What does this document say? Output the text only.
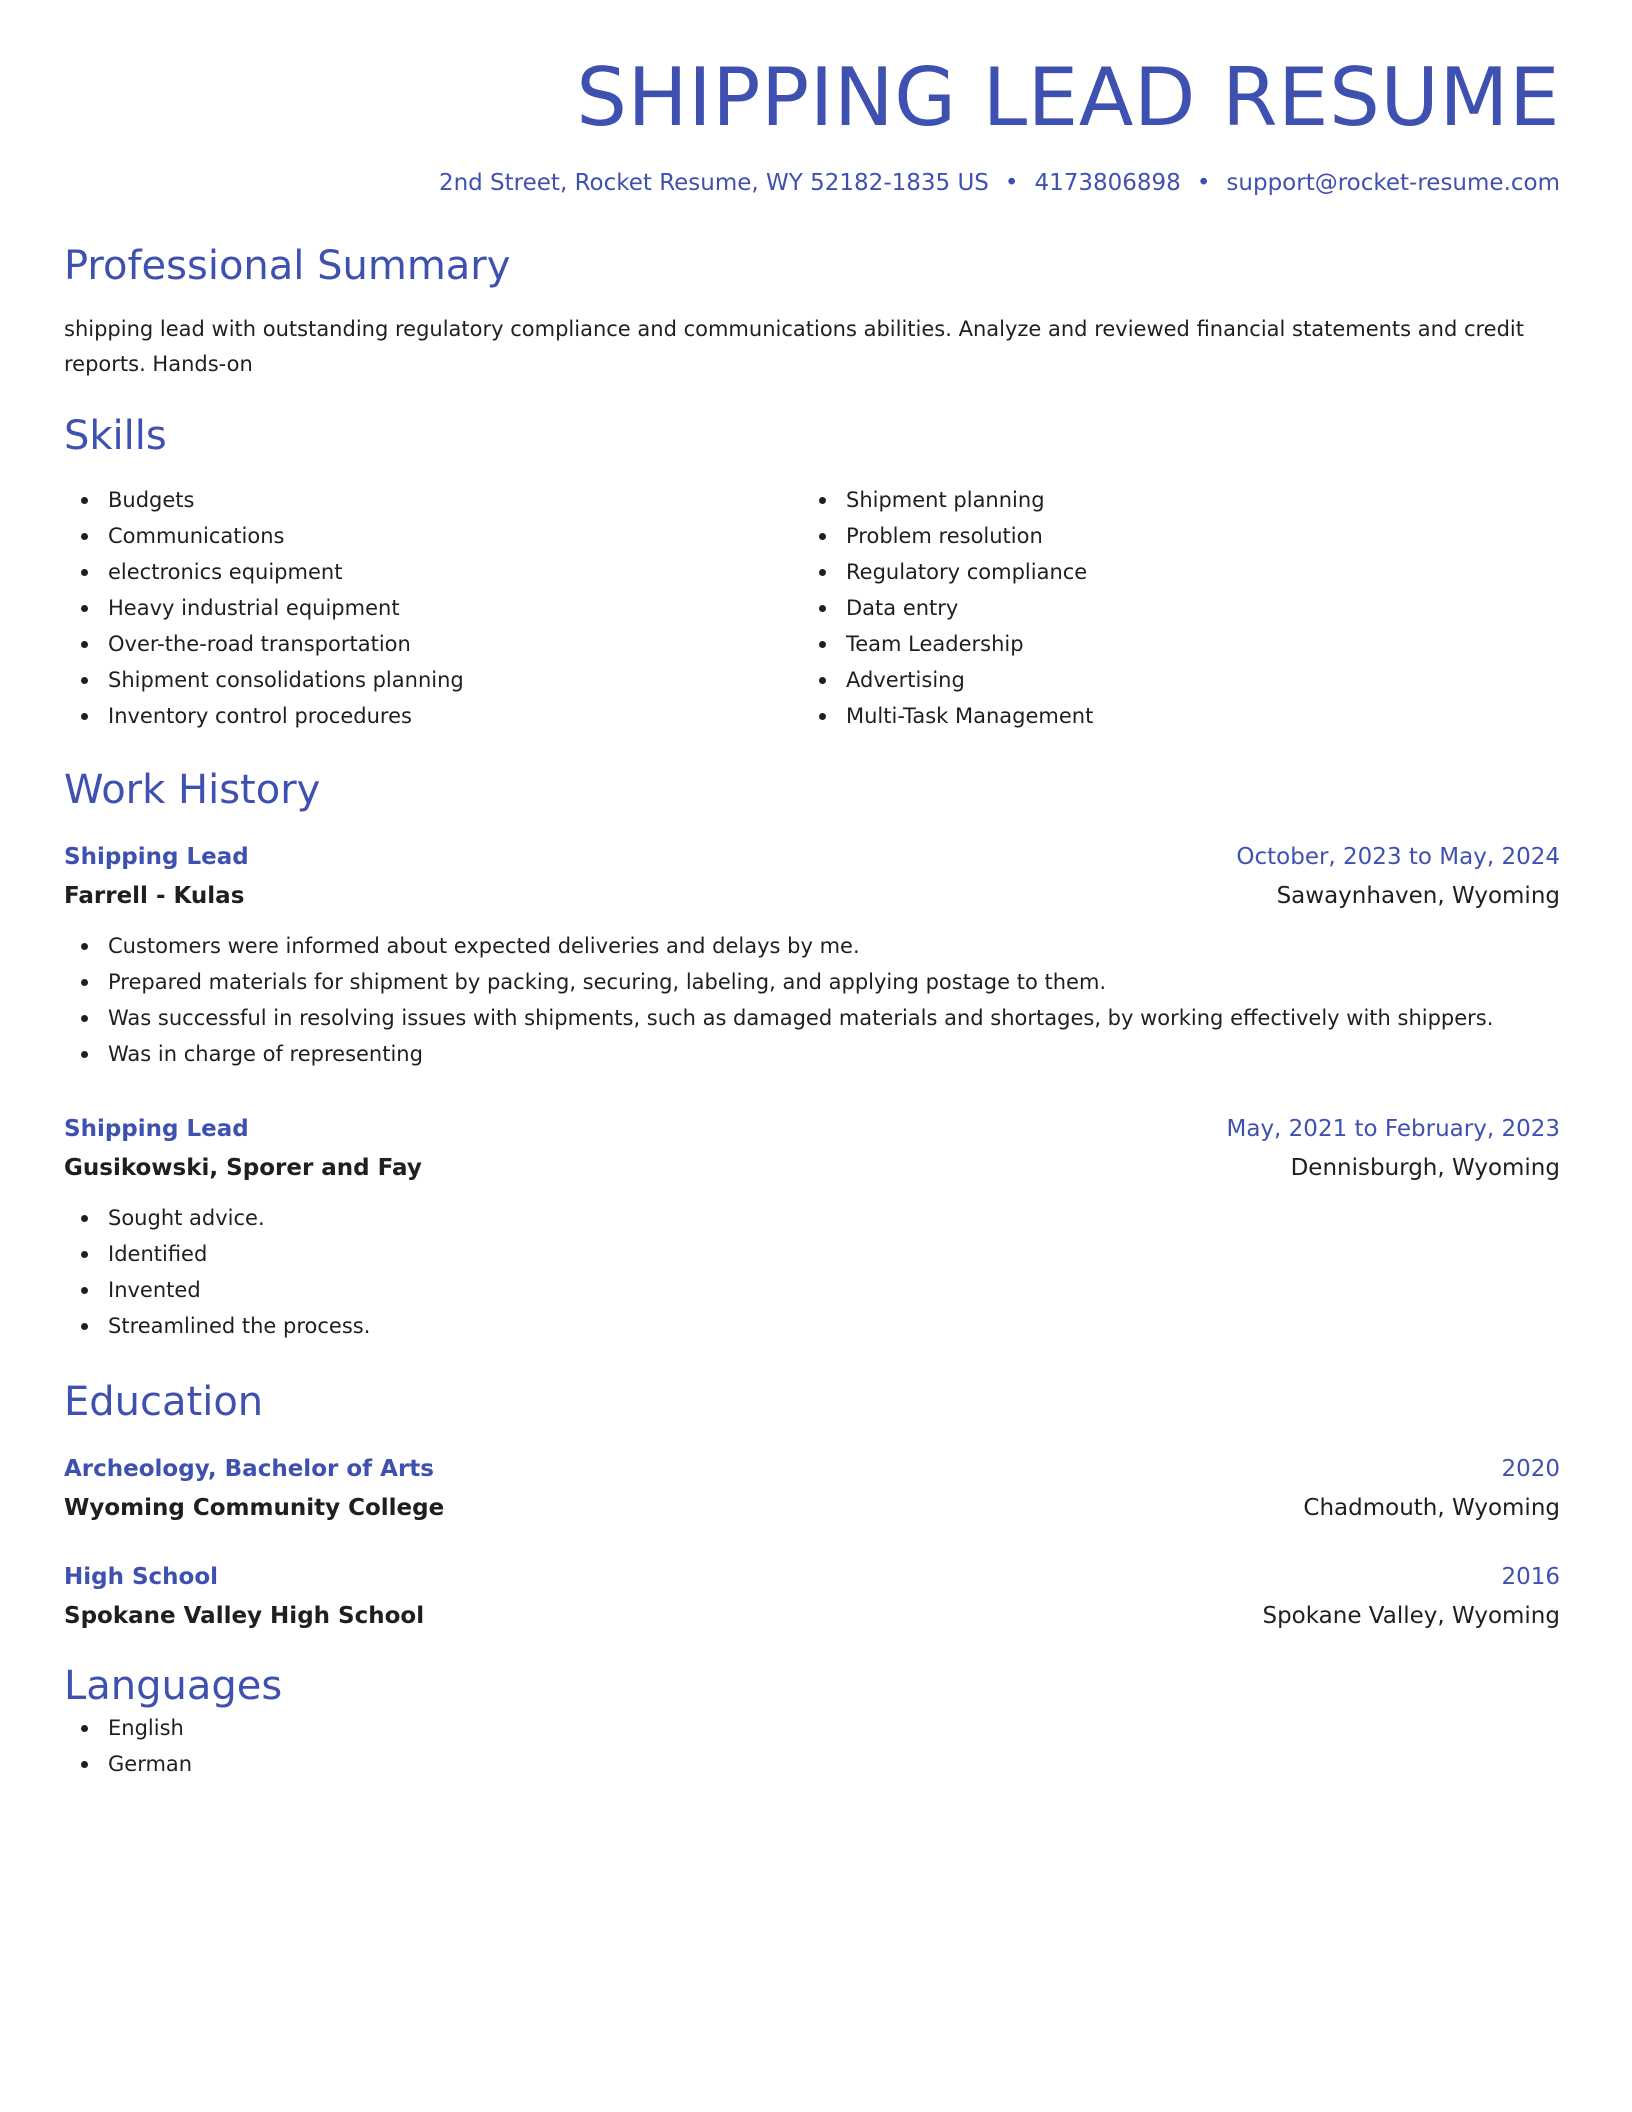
SHIPPING LEAD RESUME
2nd Street, Rocket Resume, WY 52182-1835 US • 4173806898 • support@rocket-resume.com
Professional Summary
shipping lead with outstanding regulatory compliance and communications abilities. Analyze and reviewed financial statements and credit reports. Hands-on
Skills
Budgets
Communications
electronics equipment
Heavy industrial equipment
Over-the-road transportation
Shipment consolidations planning
Inventory control procedures
Shipment planning
Problem resolution
Regulatory compliance
Data entry
Team Leadership
Advertising
Multi-Task Management
Work History
Shipping Lead	October, 2023 to May, 2024
Farrell - Kulas	Sawaynhaven, Wyoming
Customers were informed about expected deliveries and delays by me.
Prepared materials for shipment by packing, securing, labeling, and applying postage to them.
Was successful in resolving issues with shipments, such as damaged materials and shortages, by working effectively with shippers.
Was in charge of representing
Shipping Lead	May, 2021 to February, 2023
Gusikowski, Sporer and Fay	Dennisburgh, Wyoming
Sought advice.
Identified
Invented
Streamlined the process.
Education
Archeology, Bachelor of Arts	2020
Wyoming Community College	Chadmouth, Wyoming
High School	2016
Spokane Valley High School	Spokane Valley, Wyoming
Languages
English
German
